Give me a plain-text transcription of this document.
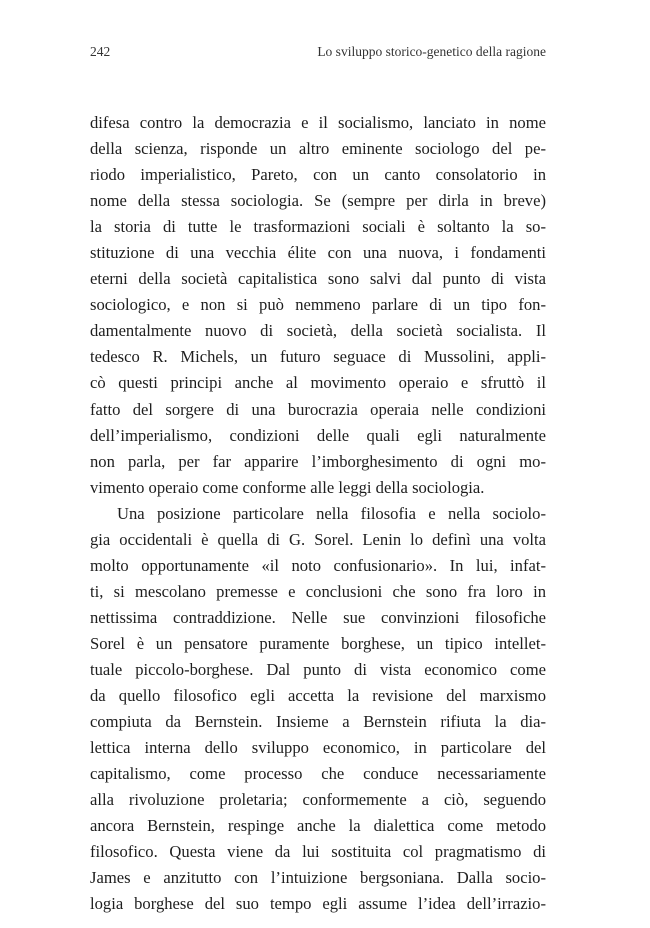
242	Lo sviluppo storico-genetico della ragione
difesa contro la democrazia e il socialismo, lanciato in nome
della scienza, risponde un altro eminente sociologo del pe-
riodo imperialistico, Pareto, con un canto consolatorio in
nome della stessa sociologia. Se (sempre per dirla in breve)
la storia di tutte le trasformazioni sociali è soltanto la so-
stituzione di una vecchia élite con una nuova, i fondamenti
eterni della società capitalistica sono salvi dal punto di vista
sociologico, e non si può nemmeno parlare di un tipo fon-
damentalmente nuovo di società, della società socialista. Il
tedesco R. Michels, un futuro seguace di Mussolini, appli-
cò questi principi anche al movimento operaio e sfruttò il
fatto del sorgere di una burocrazia operaia nelle condizioni
dell’imperialismo, condizioni delle quali egli naturalmente
non parla, per far apparire l’imborghesimento di ogni mo-
vimento operaio come conforme alle leggi della sociologia.
Una posizione particolare nella filosofia e nella sociolo-
gia occidentali è quella di G. Sorel. Lenin lo definì una volta
molto opportunamente «il noto confusionario». In lui, infat-
ti, si mescolano premesse e conclusioni che sono fra loro in
nettissima contraddizione. Nelle sue convinzioni filosofiche
Sorel è un pensatore puramente borghese, un tipico intellet-
tuale piccolo-borghese. Dal punto di vista economico come
da quello filosofico egli accetta la revisione del marxismo
compiuta da Bernstein. Insieme a Bernstein rifiuta la dia-
lettica interna dello sviluppo economico, in particolare del
capitalismo, come processo che conduce necessariamente
alla rivoluzione proletaria; conformemente a ciò, seguendo
ancora Bernstein, respinge anche la dialettica come metodo
filosofico. Questa viene da lui sostituita col pragmatismo di
James e anzitutto con l’intuizione bergsoniana. Dalla socio-
logia borghese del suo tempo egli assume l’idea dell’irrazio-
